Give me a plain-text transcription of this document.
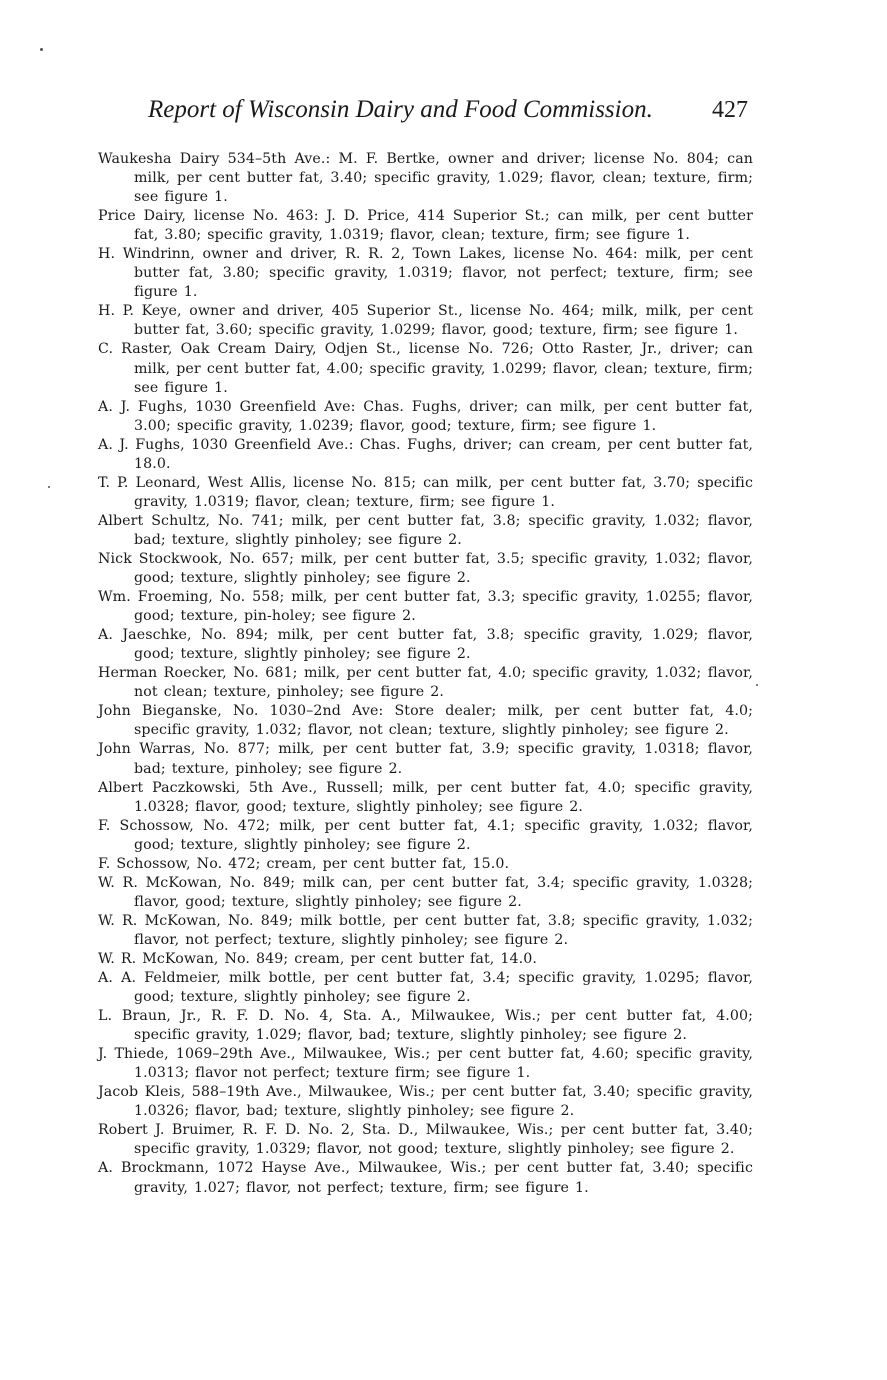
Report of Wisconsin Dairy and Food Commission. 427
Waukesha Dairy 534–5th Ave.: M. F. Bertke, owner and driver; license No. 804; can milk, per cent butter fat, 3.40; specific gravity, 1.029; flavor, clean; texture, firm; see figure 1.
Price Dairy, license No. 463: J. D. Price, 414 Superior St.; can milk, per cent butter fat, 3.80; specific gravity, 1.0319; flavor, clean; texture, firm; see figure 1.
H. Windrinn, owner and driver, R. R. 2, Town Lakes, license No. 464: milk, per cent butter fat, 3.80; specific gravity, 1.0319; flavor, not perfect; texture, firm; see figure 1.
H. P. Keye, owner and driver, 405 Superior St., license No. 464; milk, milk, per cent butter fat, 3.60; specific gravity, 1.0299; flavor, good; texture, firm; see figure 1.
C. Raster, Oak Cream Dairy, Odjen St., license No. 726; Otto Raster, Jr., driver; can milk, per cent butter fat, 4.00; specific gravity, 1.0299; flavor, clean; texture, firm; see figure 1.
A. J. Fughs, 1030 Greenfield Ave: Chas. Fughs, driver; can milk, per cent butter fat, 3.00; specific gravity, 1.0239; flavor, good; texture, firm; see figure 1.
A. J. Fughs, 1030 Greenfield Ave.: Chas. Fughs, driver; can cream, per cent butter fat, 18.0.
T. P. Leonard, West Allis, license No. 815; can milk, per cent butter fat, 3.70; specific gravity, 1.0319; flavor, clean; texture, firm; see figure 1.
Albert Schultz, No. 741; milk, per cent butter fat, 3.8; specific gravity, 1.032; flavor, bad; texture, slightly pinholey; see figure 2.
Nick Stockwook, No. 657; milk, per cent butter fat, 3.5; specific gravity, 1.032; flavor, good; texture, slightly pinholey; see figure 2.
Wm. Froeming, No. 558; milk, per cent butter fat, 3.3; specific gravity, 1.0255; flavor, good; texture, pin-holey; see figure 2.
A. Jaeschke, No. 894; milk, per cent butter fat, 3.8; specific gravity, 1.029; flavor, good; texture, slightly pinholey; see figure 2.
Herman Roecker, No. 681; milk, per cent butter fat, 4.0; specific gravity, 1.032; flavor, not clean; texture, pinholey; see figure 2.
John Bieganske, No. 1030–2nd Ave: Store dealer; milk, per cent butter fat, 4.0; specific gravity, 1.032; flavor, not clean; texture, slightly pinholey; see figure 2.
John Warras, No. 877; milk, per cent butter fat, 3.9; specific gravity, 1.0318; flavor, bad; texture, pinholey; see figure 2.
Albert Paczkowski, 5th Ave., Russell; milk, per cent butter fat, 4.0; specific gravity, 1.0328; flavor, good; texture, slightly pinholey; see figure 2.
F. Schossow, No. 472; milk, per cent butter fat, 4.1; specific gravity, 1.032; flavor, good; texture, slightly pinholey; see figure 2.
F. Schossow, No. 472; cream, per cent butter fat, 15.0.
W. R. McKowan, No. 849; milk can, per cent butter fat, 3.4; specific gravity, 1.0328; flavor, good; texture, slightly pinholey; see figure 2.
W. R. McKowan, No. 849; milk bottle, per cent butter fat, 3.8; specific gravity, 1.032; flavor, not perfect; texture, slightly pinholey; see figure 2.
W. R. McKowan, No. 849; cream, per cent butter fat, 14.0.
A. A. Feldmeier, milk bottle, per cent butter fat, 3.4; specific gravity, 1.0295; flavor, good; texture, slightly pinholey; see figure 2.
L. Braun, Jr., R. F. D. No. 4, Sta. A., Milwaukee, Wis.; per cent butter fat, 4.00; specific gravity, 1.029; flavor, bad; texture, slightly pinholey; see figure 2.
J. Thiede, 1069–29th Ave., Milwaukee, Wis.; per cent butter fat, 4.60; specific gravity, 1.0313; flavor not perfect; texture firm; see figure 1.
Jacob Kleis, 588–19th Ave., Milwaukee, Wis.; per cent butter fat, 3.40; specific gravity, 1.0326; flavor, bad; texture, slightly pinholey; see figure 2.
Robert J. Bruimer, R. F. D. No. 2, Sta. D., Milwaukee, Wis.; per cent butter fat, 3.40; specific gravity, 1.0329; flavor, not good; texture, slightly pinholey; see figure 2.
A. Brockmann, 1072 Hayse Ave., Milwaukee, Wis.; per cent butter fat, 3.40; specific gravity, 1.027; flavor, not perfect; texture, firm; see figure 1.
